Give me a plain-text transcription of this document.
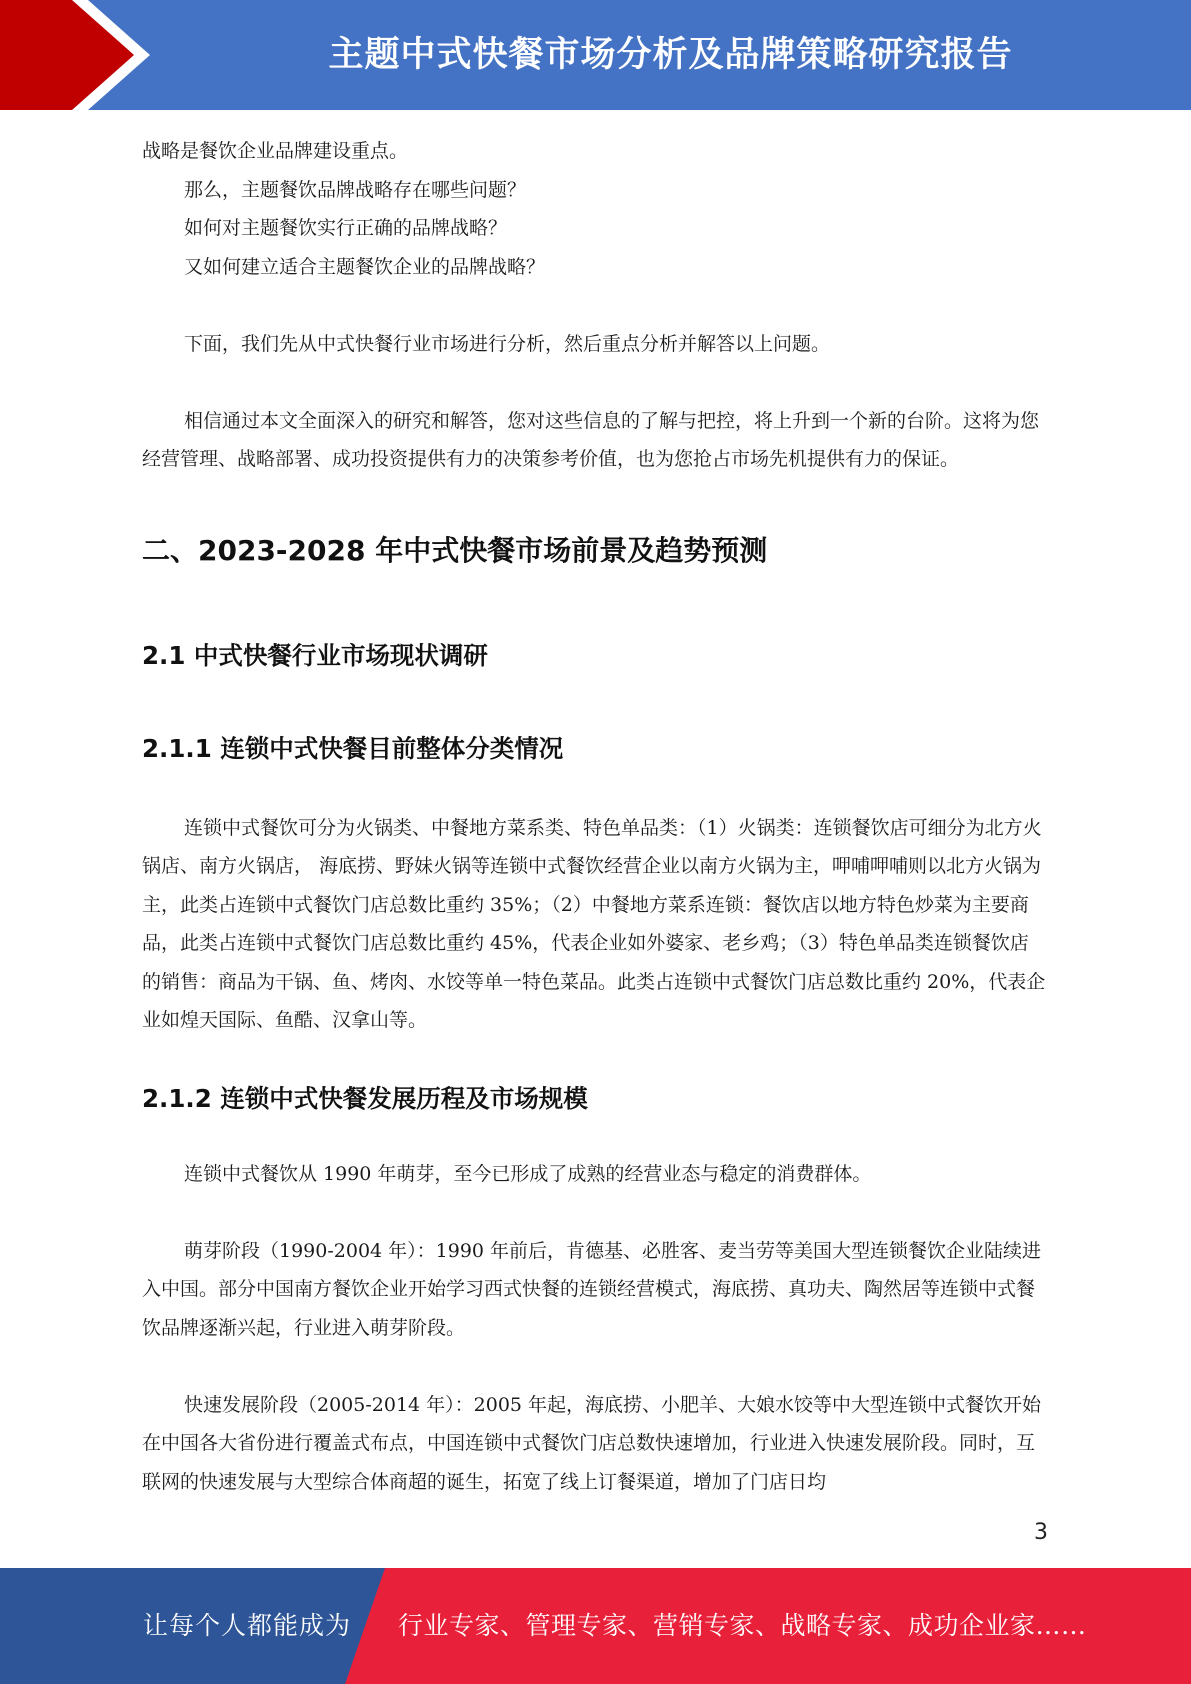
主题中式快餐市场分析及品牌策略研究报告

战略是餐饮企业品牌建设重点。

那么，主题餐饮品牌战略存在哪些问题？

如何对主题餐饮实行正确的品牌战略？

又如何建立适合主题餐饮企业的品牌战略？

下面，我们先从中式快餐行业市场进行分析，然后重点分析并解答以上问题。

相信通过本文全面深入的研究和解答，您对这些信息的了解与把控，将上升到一个新的台阶。这将为您经营管理、战略部署、成功投资提供有力的决策参考价值，也为您抢占市场先机提供有力的保证。

二、2023-2028 年中式快餐市场前景及趋势预测
2.1 中式快餐行业市场现状调研
2.1.1 连锁中式快餐目前整体分类情况

连锁中式餐饮可分为火锅类、中餐地方菜系类、特色单品类：（1）火锅类：连锁餐饮店可细分为北方火锅店、南方火锅店， 海底捞、野妹火锅等连锁中式餐饮经营企业以南方火锅为主，呷哺呷哺则以北方火锅为主，此类占连锁中式餐饮门店总数比重约 35%；（2）中餐地方菜系连锁：餐饮店以地方特色炒菜为主要商品，此类占连锁中式餐饮门店总数比重约 45%，代表企业如外婆家、老乡鸡；（3）特色单品类连锁餐饮店的销售：商品为干锅、鱼、烤肉、水饺等单一特色菜品。此类占连锁中式餐饮门店总数比重约 20%，代表企业如煌天国际、鱼酷、汉拿山等。

2.1.2 连锁中式快餐发展历程及市场规模

连锁中式餐饮从 1990 年萌芽，至今已形成了成熟的经营业态与稳定的消费群体。

萌芽阶段（1990-2004 年）：1990 年前后，肯德基、必胜客、麦当劳等美国大型连锁餐饮企业陆续进入中国。部分中国南方餐饮企业开始学习西式快餐的连锁经营模式，海底捞、真功夫、陶然居等连锁中式餐饮品牌逐渐兴起，行业进入萌芽阶段。

快速发展阶段（2005-2014 年）：2005 年起，海底捞、小肥羊、大娘水饺等中大型连锁中式餐饮开始在中国各大省份进行覆盖式布点，中国连锁中式餐饮门店总数快速增加，行业进入快速发展阶段。同时，互联网的快速发展与大型综合体商超的诞生，拓宽了线上订餐渠道，增加了门店日均

3
让每个人都能成为 行业专家、管理专家、营销专家、战略专家、成功企业家……
